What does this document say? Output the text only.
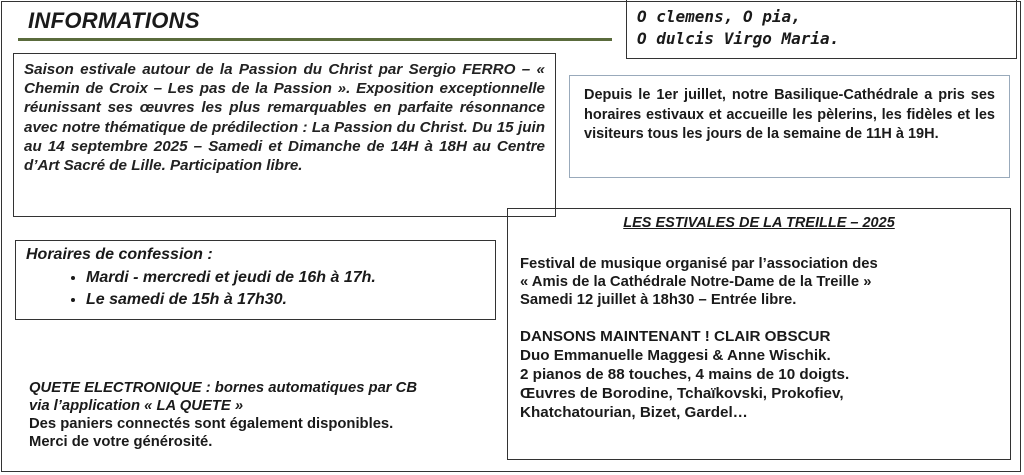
INFORMATIONS	O clemens, O pia,
O dulcis Virgo Maria.
Saison estivale autour de la Passion du Christ par Sergio FERRO – « Chemin de Croix – Les pas de la Passion ». Exposition exceptionnelle réunissant ses œuvres les plus remarquables en parfaite résonnance avec notre thématique de prédilection : La Passion du Christ. Du 15 juin au 14 septembre 2025 – Samedi et Dimanche de 14H à 18H au Centre d’Art Sacré de Lille. Participation libre.
Depuis le 1er juillet, notre Basilique-Cathédrale a pris ses horaires estivaux et accueille les pèlerins, les fidèles et les visiteurs tous les jours de la semaine de 11H à 19H.
Horaires de confession :
• Mardi - mercredi et jeudi de 16h à 17h.
• Le samedi de 15h à 17h30.
QUETE ELECTRONIQUE : bornes automatiques par CB
via l’application « LA QUETE »
Des paniers connectés sont également disponibles.
Merci de votre générosité.
LES ESTIVALES DE LA TREILLE – 2025
Festival de musique organisé par l’association des
« Amis de la Cathédrale Notre-Dame de la Treille »
Samedi 12 juillet à 18h30 – Entrée libre.
DANSONS MAINTENANT ! CLAIR OBSCUR
Duo Emmanuelle Maggesi & Anne Wischik.
2 pianos de 88 touches, 4 mains de 10 doigts.
Œuvres de Borodine, Tchaïkovski, Prokofiev,
Khatchatourian, Bizet, Gardel…
